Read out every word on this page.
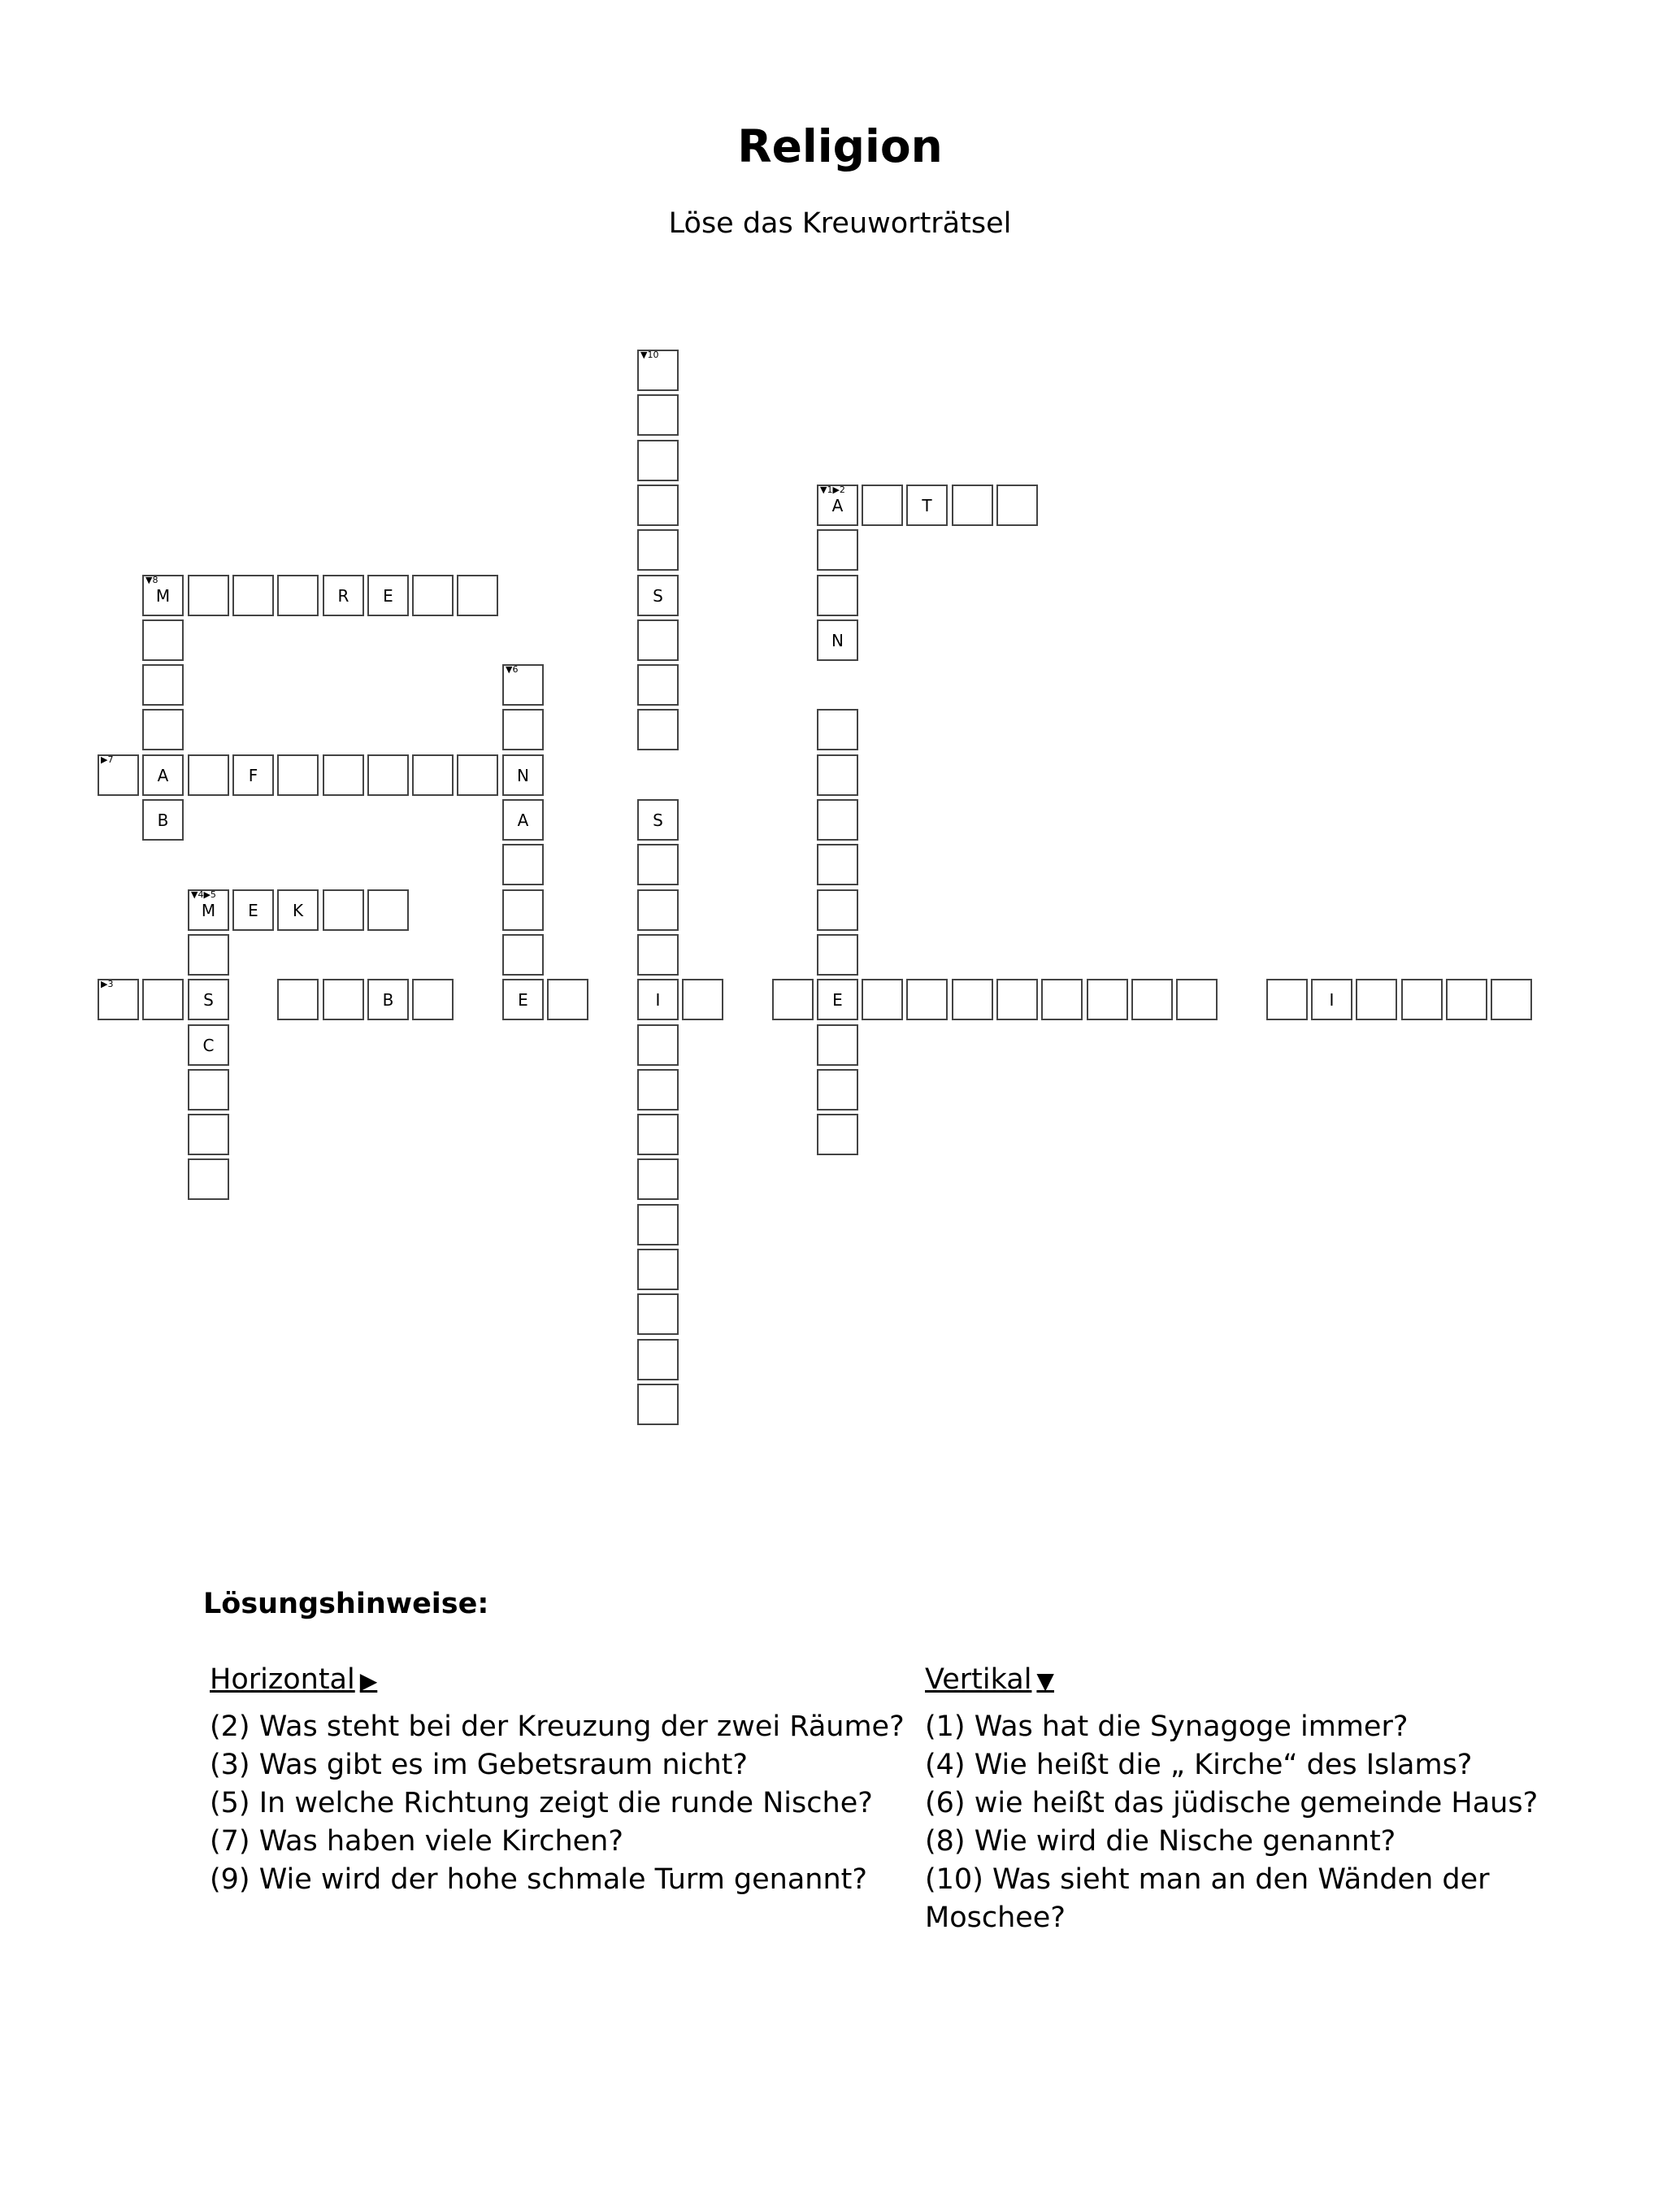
Religion
Löse das Kreuworträtsel
▼10
▼1▶2
A	T
▼8
M	R	E	S
N
▼6
▶7
A	F	N
B	A	S
▼4▶5
M	E	K
▶3
S	B	E	I	E	I
C
Lösungshinweise:
Horizontal ▶
(2) Was steht bei der Kreuzung der zwei Räume?
(3) Was gibt es im Gebetsraum nicht?
(5) In welche Richtung zeigt die runde Nische?
(7) Was haben viele Kirchen?
(9) Wie wird der hohe schmale Turm genannt?
Vertikal ▼
(1) Was hat die Synagoge immer?
(4) Wie heißt die „ Kirche“ des Islams?
(6) wie heißt das jüdische gemeinde Haus?
(8) Wie wird die Nische genannt?
(10) Was sieht man an den Wänden der Moschee?
